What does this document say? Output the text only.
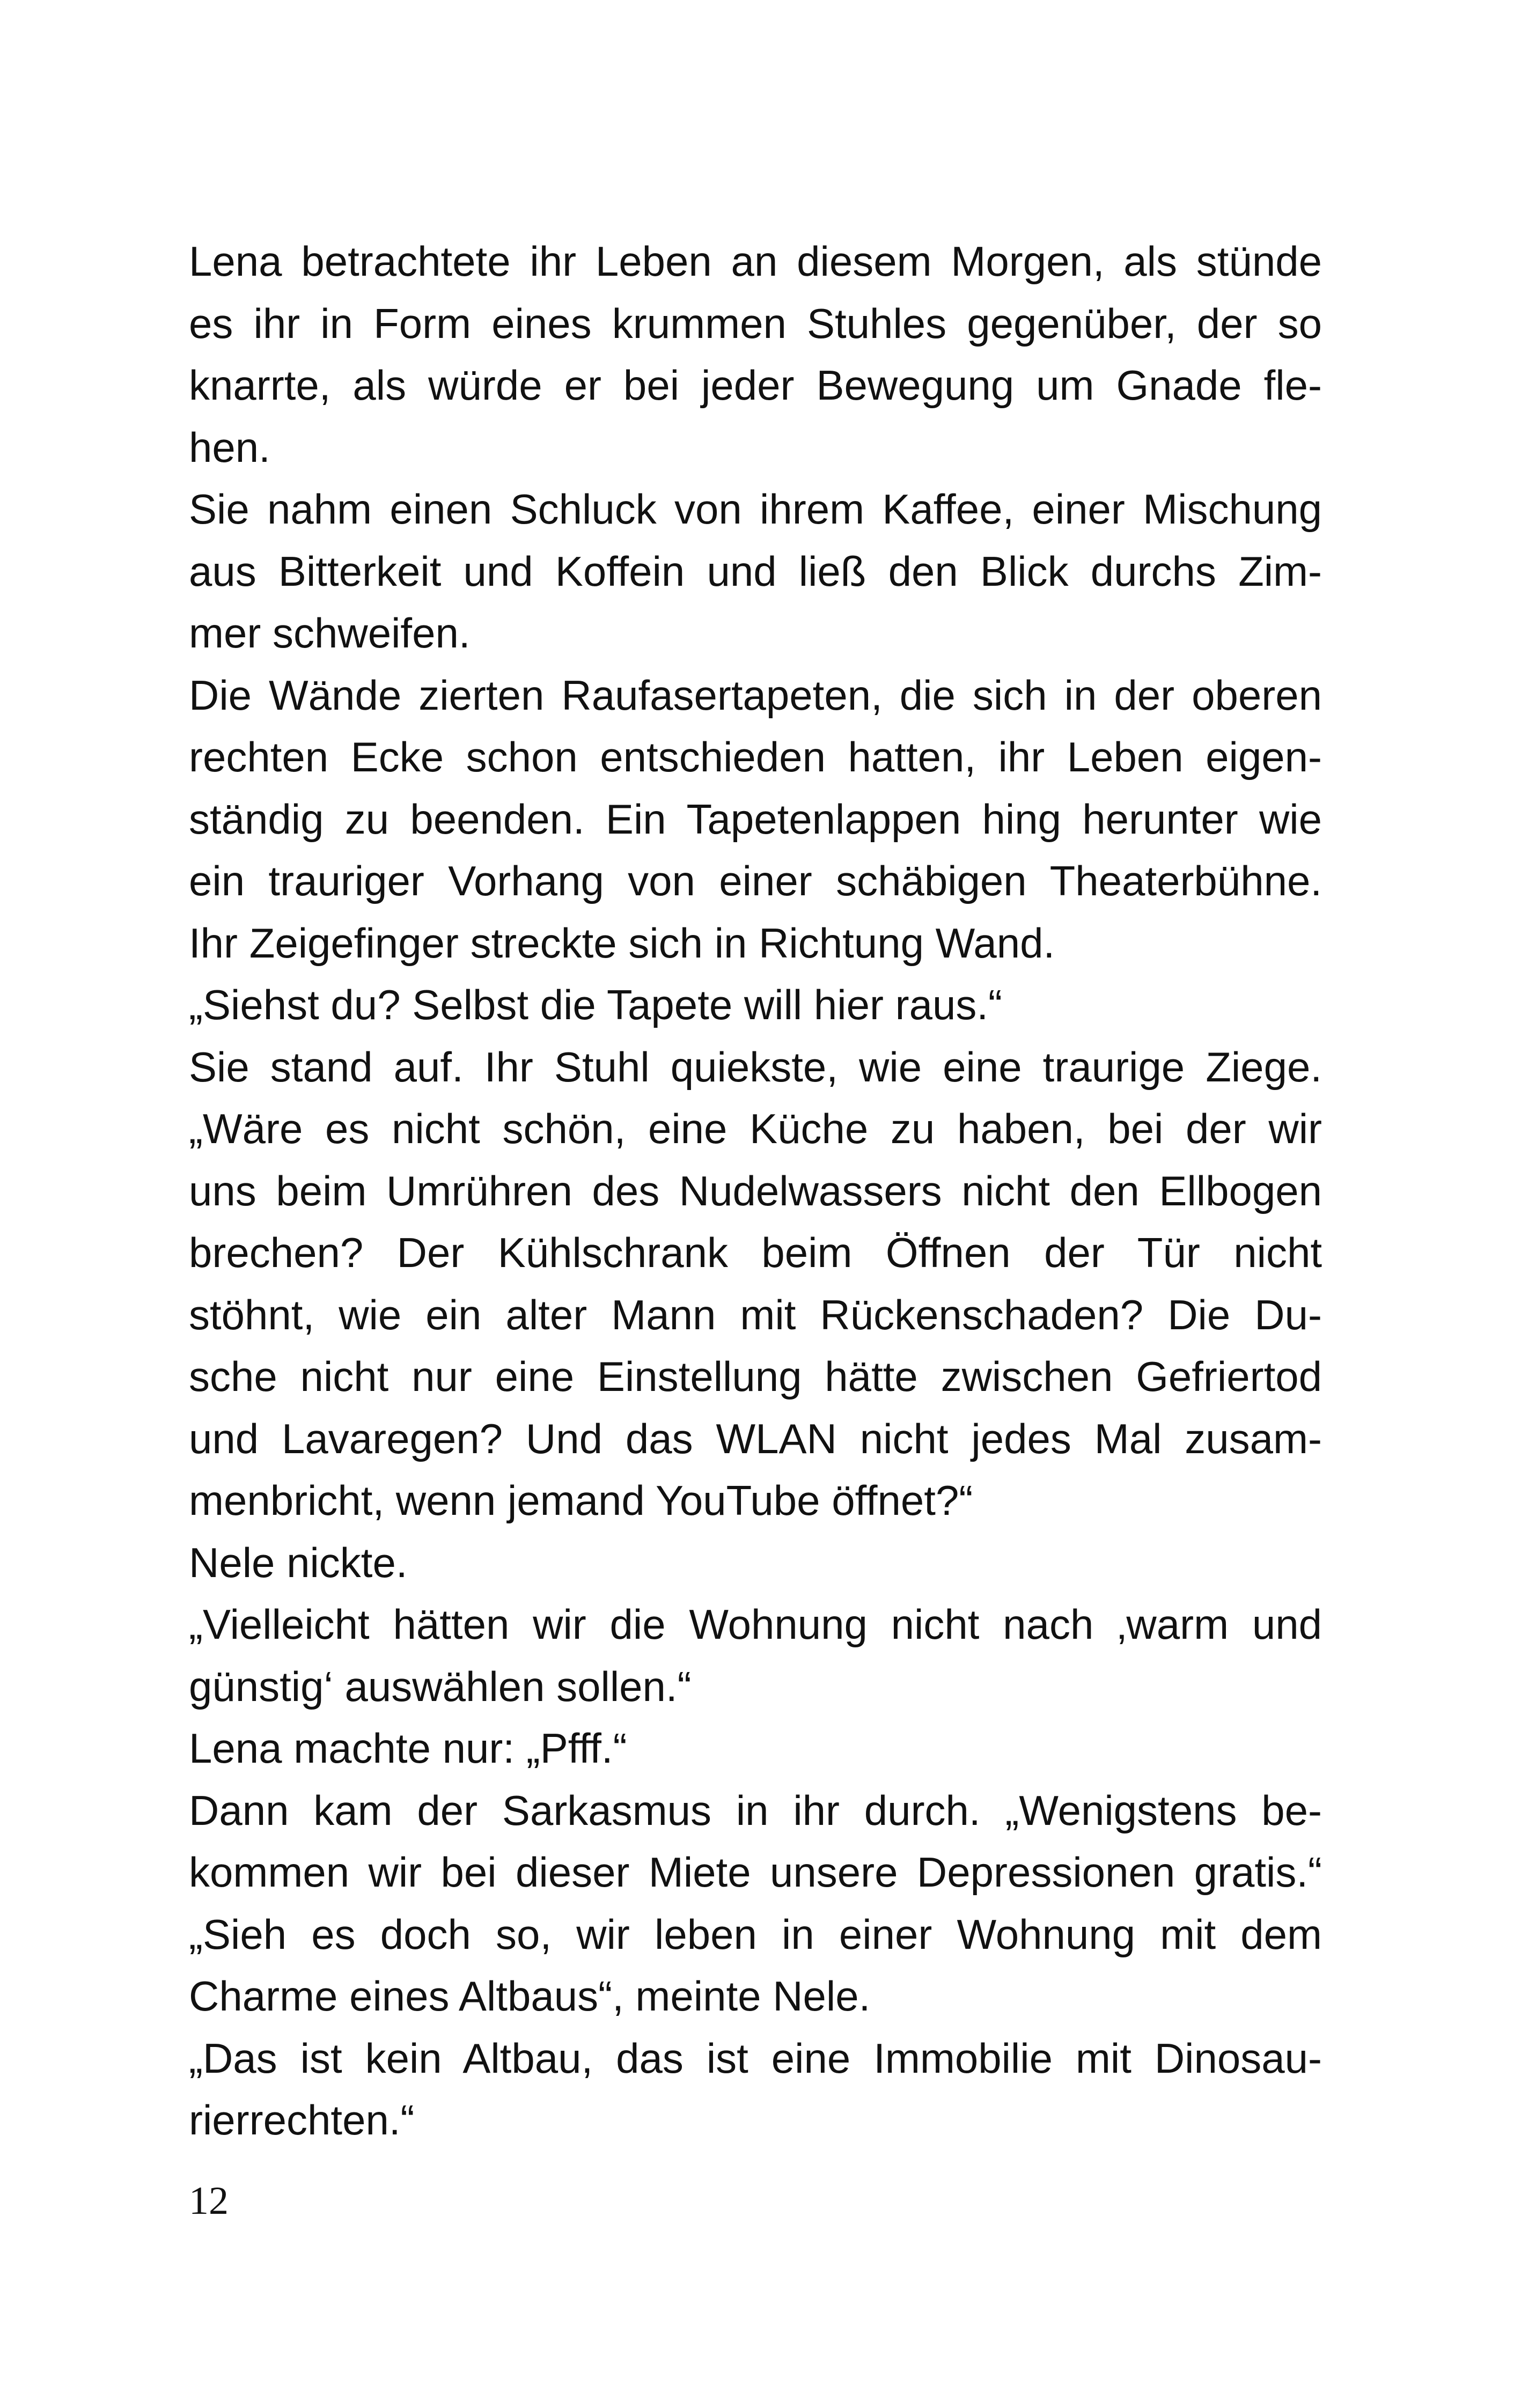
Lena betrachtete ihr Leben an diesem Morgen, als stünde
es ihr in Form eines krummen Stuhles gegenüber, der so
knarrte, als würde er bei jeder Bewegung um Gnade fle-
hen.
Sie nahm einen Schluck von ihrem Kaffee, einer Mischung
aus Bitterkeit und Koffein und ließ den Blick durchs Zim-
mer schweifen.
Die Wände zierten Raufasertapeten, die sich in der oberen
rechten Ecke schon entschieden hatten, ihr Leben eigen-
ständig zu beenden. Ein Tapetenlappen hing herunter wie
ein trauriger Vorhang von einer schäbigen Theaterbühne.
Ihr Zeigefinger streckte sich in Richtung Wand.
„Siehst du? Selbst die Tapete will hier raus.“
Sie stand auf. Ihr Stuhl quiekste, wie eine traurige Ziege.
„Wäre es nicht schön, eine Küche zu haben, bei der wir
uns beim Umrühren des Nudelwassers nicht den Ellbogen
brechen? Der Kühlschrank beim Öffnen der Tür nicht
stöhnt, wie ein alter Mann mit Rückenschaden? Die Du-
sche nicht nur eine Einstellung hätte zwischen Gefriertod
und Lavaregen? Und das WLAN nicht jedes Mal zusam-
menbricht, wenn jemand YouTube öffnet?“
Nele nickte.
„Vielleicht hätten wir die Wohnung nicht nach ‚warm und
günstig‘ auswählen sollen.“
Lena machte nur: „Pfff.“
Dann kam der Sarkasmus in ihr durch. „Wenigstens be-
kommen wir bei dieser Miete unsere Depressionen gratis.“
„Sieh es doch so, wir leben in einer Wohnung mit dem
Charme eines Altbaus“, meinte Nele.
„Das ist kein Altbau, das ist eine Immobilie mit Dinosau-
rierrechten.“
12
